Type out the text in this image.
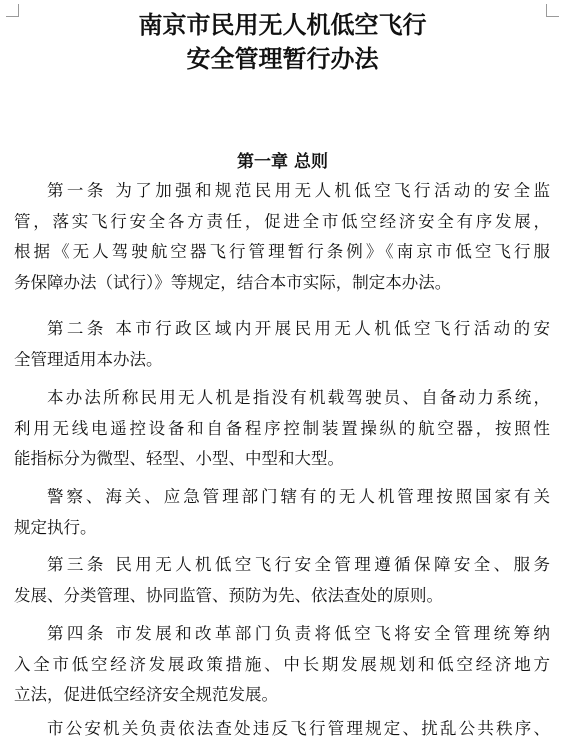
南京市民用无人机低空飞行
安全管理暂行办法
第一章 总则
第一条 为了加强和规范民用无人机低空飞行活动的安全监
管，落实飞行安全各方责任，促进全市低空经济安全有序发展，
根据《无人驾驶航空器飞行管理暂行条例》《南京市低空飞行服
务保障办法（试行）》等规定，结合本市实际，制定本办法。
第二条 本市行政区域内开展民用无人机低空飞行活动的安
全管理适用本办法。
本办法所称民用无人机是指没有机载驾驶员、自备动力系统，
利用无线电遥控设备和自备程序控制装置操纵的航空器，按照性
能指标分为微型、轻型、小型、中型和大型。
警察、海关、应急管理部门辖有的无人机管理按照国家有关
规定执行。
第三条 民用无人机低空飞行安全管理遵循保障安全、服务
发展、分类管理、协同监管、预防为先、依法查处的原则。
第四条 市发展和改革部门负责将低空飞将安全管理统筹纳
入全市低空经济发展政策措施、中长期发展规划和低空经济地方
立法，促进低空经济安全规范发展。
市公安机关负责依法查处违反飞行管理规定、扰乱公共秩序、
